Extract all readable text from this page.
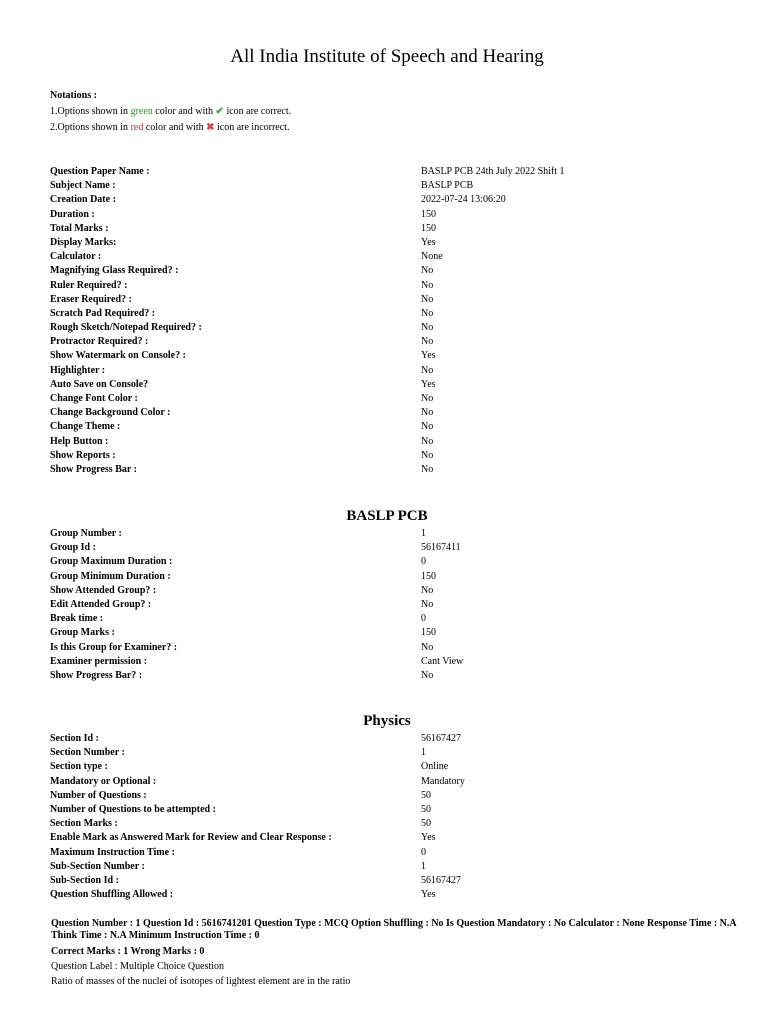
All India Institute of Speech and Hearing
Notations :
1.Options shown in green color and with ✔ icon are correct.
2.Options shown in red color and with ✖ icon are incorrect.
Question Paper Name :	BASLP PCB 24th July 2022 Shift 1
Subject Name :	BASLP PCB
Creation Date :	2022-07-24 13:06:20
Duration :	150
Total Marks :	150
Display Marks:	Yes
Calculator :	None
Magnifying Glass Required? :	No
Ruler Required? :	No
Eraser Required? :	No
Scratch Pad Required? :	No
Rough Sketch/Notepad Required? :	No
Protractor Required? :	No
Show Watermark on Console? :	Yes
Highlighter :	No
Auto Save on Console?	Yes
Change Font Color :	No
Change Background Color :	No
Change Theme :	No
Help Button :	No
Show Reports :	No
Show Progress Bar :	No
BASLP PCB
Group Number :	1
Group Id :	56167411
Group Maximum Duration :	0
Group Minimum Duration :	150
Show Attended Group? :	No
Edit Attended Group? :	No
Break time :	0
Group Marks :	150
Is this Group for Examiner? :	No
Examiner permission :	Cant View
Show Progress Bar? :	No
Physics
Section Id :	56167427
Section Number :	1
Section type :	Online
Mandatory or Optional :	Mandatory
Number of Questions :	50
Number of Questions to be attempted :	50
Section Marks :	50
Enable Mark as Answered Mark for Review and Clear Response :	Yes
Maximum Instruction Time :	0
Sub-Section Number :	1
Sub-Section Id :	56167427
Question Shuffling Allowed :	Yes
Question Number : 1 Question Id : 5616741201 Question Type : MCQ Option Shuffling : No Is Question Mandatory : No Calculator : None Response Time : N.A Think Time : N.A Minimum Instruction Time : 0
Correct Marks : 1 Wrong Marks : 0
Question Label : Multiple Choice Question
Ratio of masses of the nuclei of isotopes of lightest element are in the ratio
